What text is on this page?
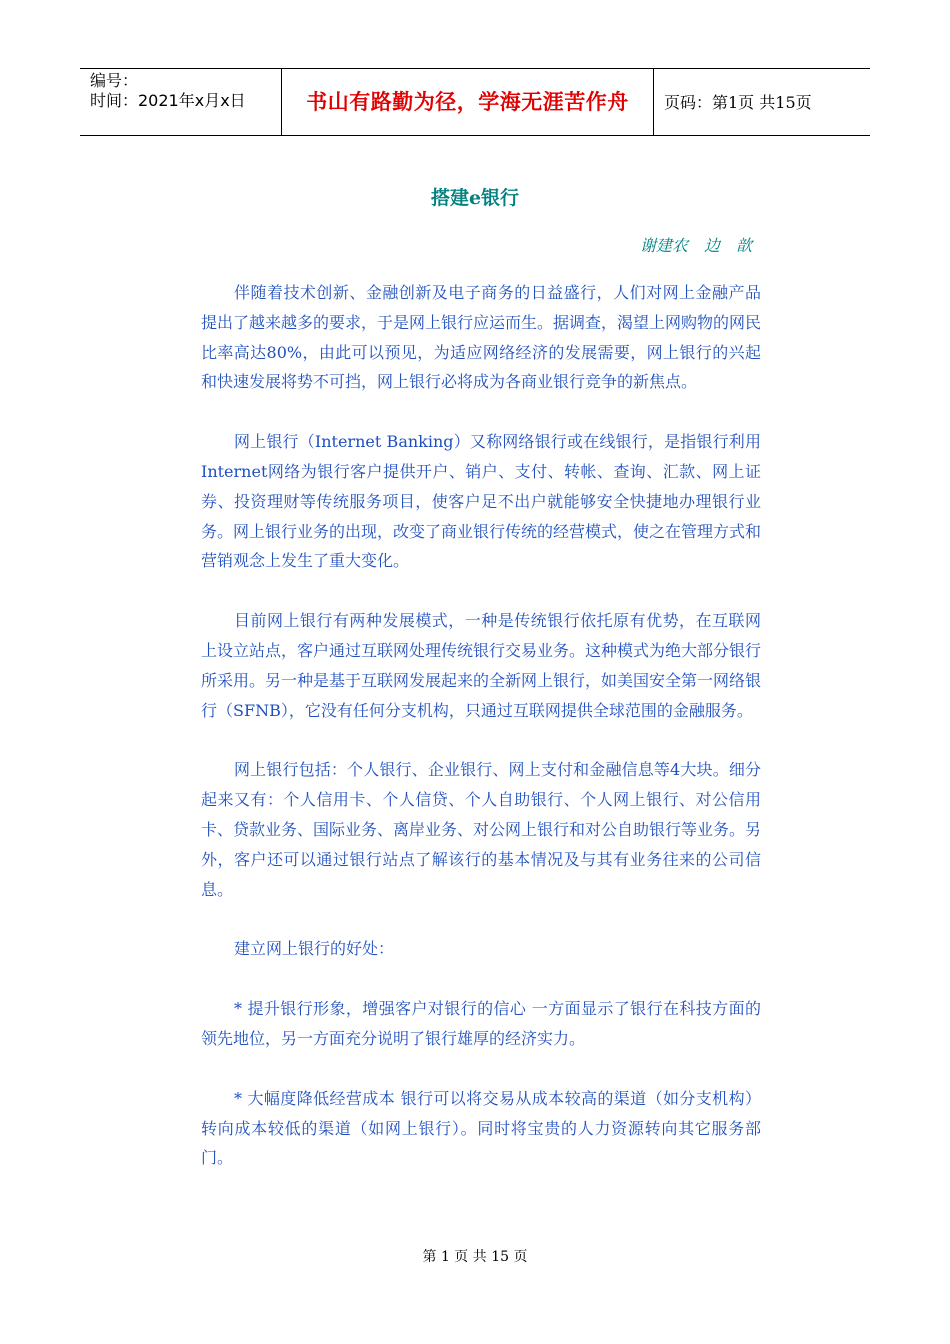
编号：
时间：2021年x月x日	书山有路勤为径，学海无涯苦作舟	页码：第1页 共15页
搭建e银行
谢建农　边　歆

伴随着技术创新、金融创新及电子商务的日益盛行，人们对网上金融产品提出了越来越多的要求，于是网上银行应运而生。据调查，渴望上网购物的网民比率高达80%，由此可以预见，为适应网络经济的发展需要，网上银行的兴起和快速发展将势不可挡，网上银行必将成为各商业银行竞争的新焦点。

网上银行（Internet Banking）又称网络银行或在线银行，是指银行利用Internet网络为银行客户提供开户、销户、支付、转帐、查询、汇款、网上证券、投资理财等传统服务项目，使客户足不出户就能够安全快捷地办理银行业务。网上银行业务的出现，改变了商业银行传统的经营模式，使之在管理方式和营销观念上发生了重大变化。

目前网上银行有两种发展模式，一种是传统银行依托原有优势，在互联网上设立站点，客户通过互联网处理传统银行交易业务。这种模式为绝大部分银行所采用。另一种是基于互联网发展起来的全新网上银行，如美国安全第一网络银行（SFNB），它没有任何分支机构，只通过互联网提供全球范围的金融服务。

网上银行包括：个人银行、企业银行、网上支付和金融信息等4大块。细分起来又有：个人信用卡、个人信贷、个人自助银行、个人网上银行、对公信用卡、贷款业务、国际业务、离岸业务、对公网上银行和对公自助银行等业务。另外，客户还可以通过银行站点了解该行的基本情况及与其有业务往来的公司信息。

建立网上银行的好处：

* 提升银行形象，增强客户对银行的信心 一方面显示了银行在科技方面的领先地位，另一方面充分说明了银行雄厚的经济实力。

* 大幅度降低经营成本 银行可以将交易从成本较高的渠道（如分支机构）转向成本较低的渠道（如网上银行）。同时将宝贵的人力资源转向其它服务部门。

第 1 页 共 15 页
